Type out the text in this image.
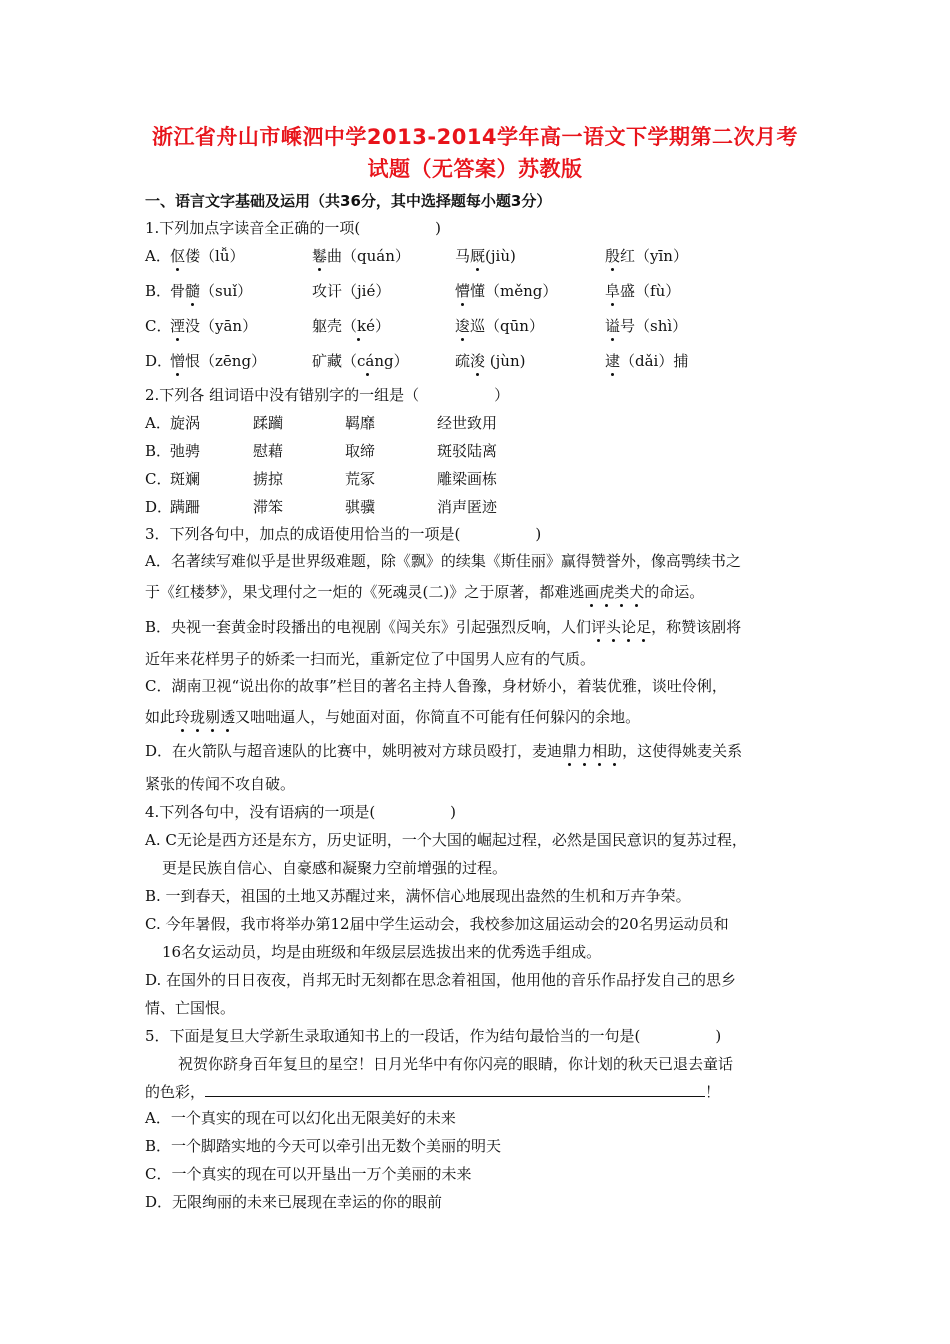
浙江省舟山市嵊泗中学2013-2014学年高一语文下学期第二次月考
试题（无答案）苏教版
一、语言文字基础及运用（共36分，其中选择题每小题3分）
1.下列加点字读音全正确的一项(　　　　　)
A． 伛偻（lǚ）	鬈曲（quán）	马厩(jiù)	殷红（yīn）
B．
骨髓（suǐ）	攻讦（jié）	懵懂（měng）	阜盛（fù）
C．
湮没（yān）	躯壳（ké）	逡巡（qūn）	谥号（shì）
D．
憎恨（zēng）	矿藏（cáng）	疏浚 (jùn)	逮（dǎi）捕
2.下列各 组词语中没有错别字的一组是（　　　　　）
A． 旋涡	蹂躏	羁靡	经世致用
B．
弛骋	慰藉	取缔	斑驳陆离
C．
斑斓	掳掠	荒冢	雕梁画栋
D．
蹒跚	滞笨	骐骥	消声匿迹
3．下列各句中，加点的成语使用恰当的一项是(　　　　　)
A．名著续写难似乎是世界级难题，除《飘》的续集《斯佳丽》赢得赞誉外，像高鹗续书之
于《红楼梦》，果戈理付之一炬的《死魂灵(二)》之于原著，都难逃画虎类犬的命运。
B．央视一套黄金时段播出的电视剧《闯关东》引起强烈反响，人们评头论足，称赞该剧将
近年来花样男子的娇柔一扫而光，重新定位了中国男人应有的气质。
C．湖南卫视“说出你的故事”栏目的著名主持人鲁豫，身材娇小，着装优雅，谈吐伶俐，
如此玲珑剔透又咄咄逼人，与她面对面，你简直不可能有任何躲闪的余地。
D．在火箭队与超音速队的比赛中，姚明被对方球员殴打，麦迪鼎力相助，这使得姚麦关系
紧张的传闻不攻自破。
4.下列各句中，没有语病的一项是(　　　　　)
A. C无论是西方还是东方，历史证明，一个大国的崛起过程，必然是国民意识的复苏过程，
更是民族自信心、自豪感和凝聚力空前增强的过程。
B. 一到春天，祖国的土地又苏醒过来，满怀信心地展现出盎然的生机和万卉争荣。
C. 今年暑假，我市将举办第12届中学生运动会，我校参加这届运动会的20名男运动员和
16名女运动员，均是由班级和年级层层选拔出来的优秀选手组成。
D. 在国外的日日夜夜，肖邦无时无刻都在思念着祖国，他用他的音乐作品抒发自己的思乡
情、亡国恨。
5．下面是复旦大学新生录取通知书上的一段话，作为结句最恰当的一句是(　　　　　)
祝贺你跻身百年复旦的星空！日月光华中有你闪亮的眼睛，你计划的秋天已退去童话
的色彩，	！
A．一个真实的现在可以幻化出无限美好的未来
B．一个脚踏实地的今天可以牵引出无数个美丽的明天
C．一个真实的现在可以开垦出一万个美丽的未来
D．无限绚丽的未来已展现在幸运的你的眼前
